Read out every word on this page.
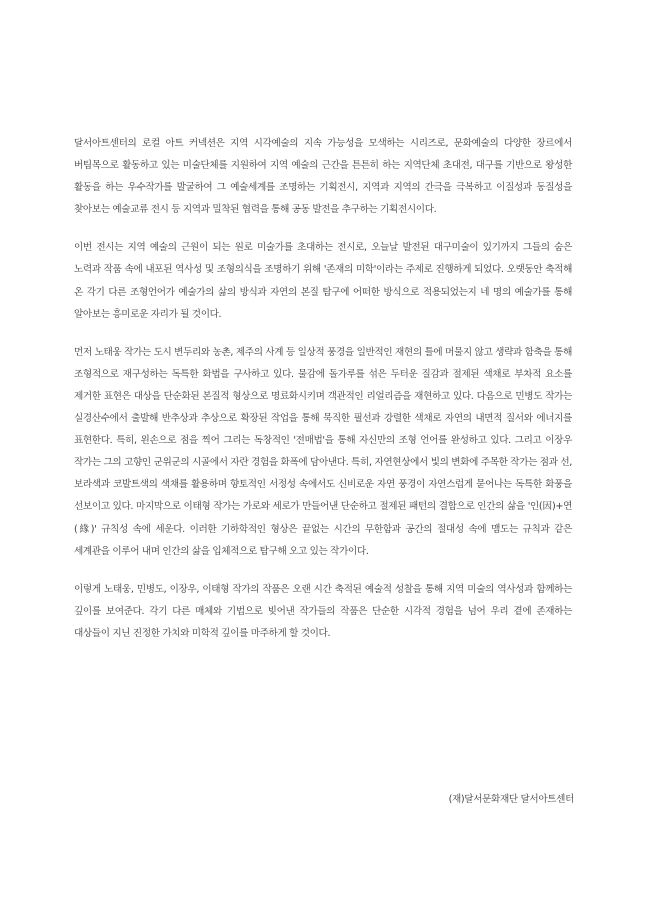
달서아트센터의 로컬 아트 커넥션은 지역 시각예술의 지속 가능성을 모색하는 시리즈로, 문화예술의 다양한 장르에서 버팀목으로 활동하고 있는 미술단체를 지원하여 지역 예술의 근간을 튼튼히 하는 지역단체 초대전, 대구를 기반으로 왕성한 활동을 하는 우수작가를 발굴하여 그 예술세계를 조명하는 기획전시, 지역과 지역의 간극을 극복하고 이질성과 동질성을 찾아보는 예술교류 전시 등 지역과 밀착된 협력을 통해 공동 발전을 추구하는 기획전시이다.

이번 전시는 지역 예술의 근원이 되는 원로 미술가를 초대하는 전시로, 오늘날 발전된 대구미술이 있기까지 그들의 숨은 노력과 작품 속에 내포된 역사성 및 조형의식을 조명하기 위해 '존재의 미학'이라는 주제로 진행하게 되었다. 오랫동안 축적해 온 각기 다른 조형언어가 예술가의 삶의 방식과 자연의 본질 탐구에 어떠한 방식으로 적용되었는지 네 명의 예술가를 통해 알아보는 흥미로운 자리가 될 것이다.

먼저 노태웅 작가는 도시 변두리와 농촌, 제주의 사계 등 일상적 풍경을 일반적인 재현의 틀에 머물지 않고 생략과 함축을 통해 조형적으로 재구성하는 독특한 화법을 구사하고 있다. 물감에 돌가루를 섞은 두터운 질감과 절제된 색채로 부차적 요소를 제거한 표현은 대상을 단순화된 본질적 형상으로 명료화시키며 객관적인 리얼리즘을 재현하고 있다. 다음으로 민병도 작가는 실경산수에서 출발해 반추상과 추상으로 확장된 작업을 통해 묵직한 필선과 강렬한 색채로 자연의 내면적 질서와 에너지를 표현한다. 특히, 왼손으로 점을 찍어 그리는 독창적인 '전매법'을 통해 자신만의 조형 언어를 완성하고 있다. 그리고 이장우 작가는 그의 고향인 군위군의 시골에서 자란 경험을 화폭에 담아낸다. 특히, 자연현상에서 빛의 변화에 주목한 작가는 점과 선, 보라색과 코발트색의 색채를 활용하며 향토적인 서정성 속에서도 신비로운 자연 풍경이 자연스럽게 묻어나는 독특한 화풍을 선보이고 있다. 마지막으로 이태형 작가는 가로와 세로가 만들어낸 단순하고 절제된 패턴의 결합으로 인간의 삶을 '인(因)+연(緣)' 규칙성 속에 세운다. 이러한 기하학적인 형상은 끝없는 시간의 무한함과 공간의 절대성 속에 맴도는 규칙과 같은 세계관을 이루어 내며 인간의 삶을 입체적으로 탐구해 오고 있는 작가이다.

이렇게 노태웅, 민병도, 이장우, 이태형 작가의 작품은 오랜 시간 축적된 예술적 성찰을 통해 지역 미술의 역사성과 함께하는 깊이를 보여준다. 각기 다른 매체와 기법으로 빚어낸 작가들의 작품은 단순한 시각적 경험을 넘어 우리 곁에 존재하는 대상들이 지닌 진정한 가치와 미학적 깊이를 마주하게 할 것이다.

(재)달서문화재단 달서아트센터
